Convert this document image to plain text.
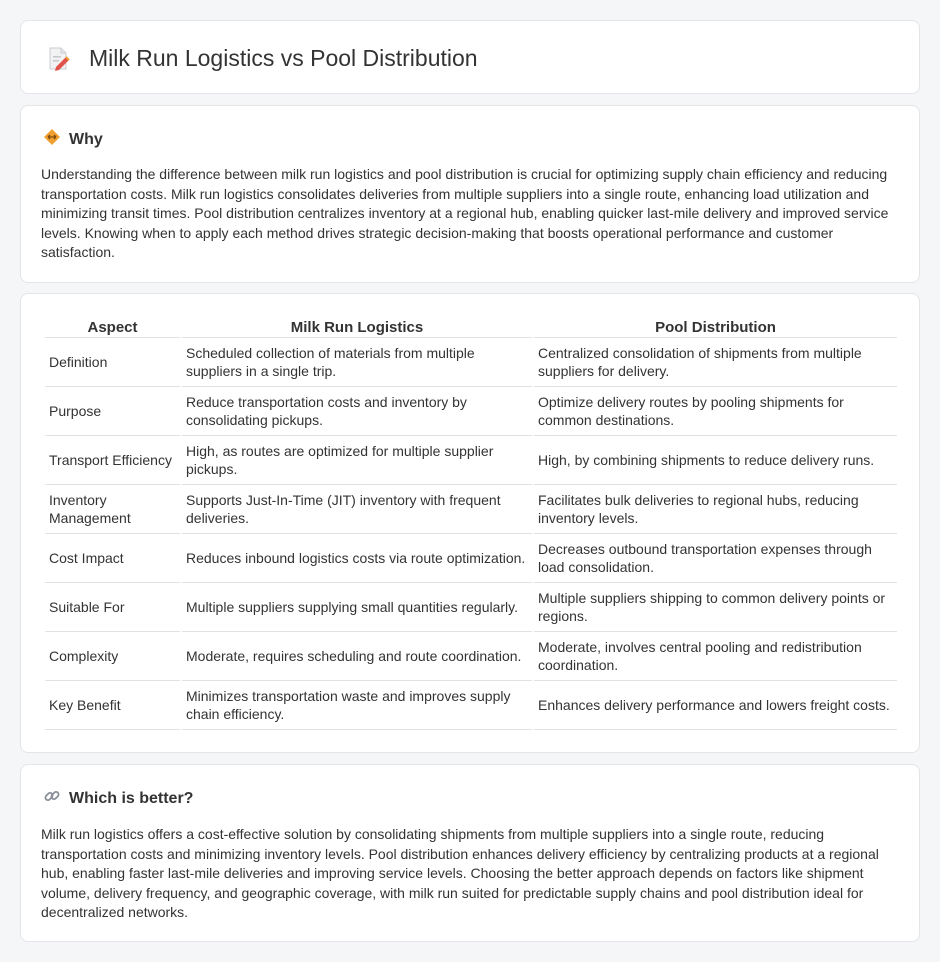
Milk Run Logistics vs Pool Distribution
Why

Understanding the difference between milk run logistics and pool distribution is crucial for optimizing supply chain efficiency and reducing transportation costs. Milk run logistics consolidates deliveries from multiple suppliers into a single route, enhancing load utilization and minimizing transit times. Pool distribution centralizes inventory at a regional hub, enabling quicker last-mile delivery and improved service levels. Knowing when to apply each method drives strategic decision-making that boosts operational performance and customer satisfaction.

Aspect	Milk Run Logistics	Pool Distribution
Definition	Scheduled collection of materials from multiple suppliers in a single trip.	Centralized consolidation of shipments from multiple suppliers for delivery.
Purpose	Reduce transportation costs and inventory by consolidating pickups.	Optimize delivery routes by pooling shipments for common destinations.
Transport Efficiency	High, as routes are optimized for multiple supplier pickups.	High, by combining shipments to reduce delivery runs.
Inventory Management	Supports Just-In-Time (JIT) inventory with frequent deliveries.	Facilitates bulk deliveries to regional hubs, reducing inventory levels.
Cost Impact	Reduces inbound logistics costs via route optimization.	Decreases outbound transportation expenses through load consolidation.
Suitable For	Multiple suppliers supplying small quantities regularly.	Multiple suppliers shipping to common delivery points or regions.
Complexity	Moderate, requires scheduling and route coordination.	Moderate, involves central pooling and redistribution coordination.
Key Benefit	Minimizes transportation waste and improves supply chain efficiency.	Enhances delivery performance and lowers freight costs.
Which is better?

Milk run logistics offers a cost-effective solution by consolidating shipments from multiple suppliers into a single route, reducing transportation costs and minimizing inventory levels. Pool distribution enhances delivery efficiency by centralizing products at a regional hub, enabling faster last-mile deliveries and improving service levels. Choosing the better approach depends on factors like shipment volume, delivery frequency, and geographic coverage, with milk run suited for predictable supply chains and pool distribution ideal for decentralized networks.
